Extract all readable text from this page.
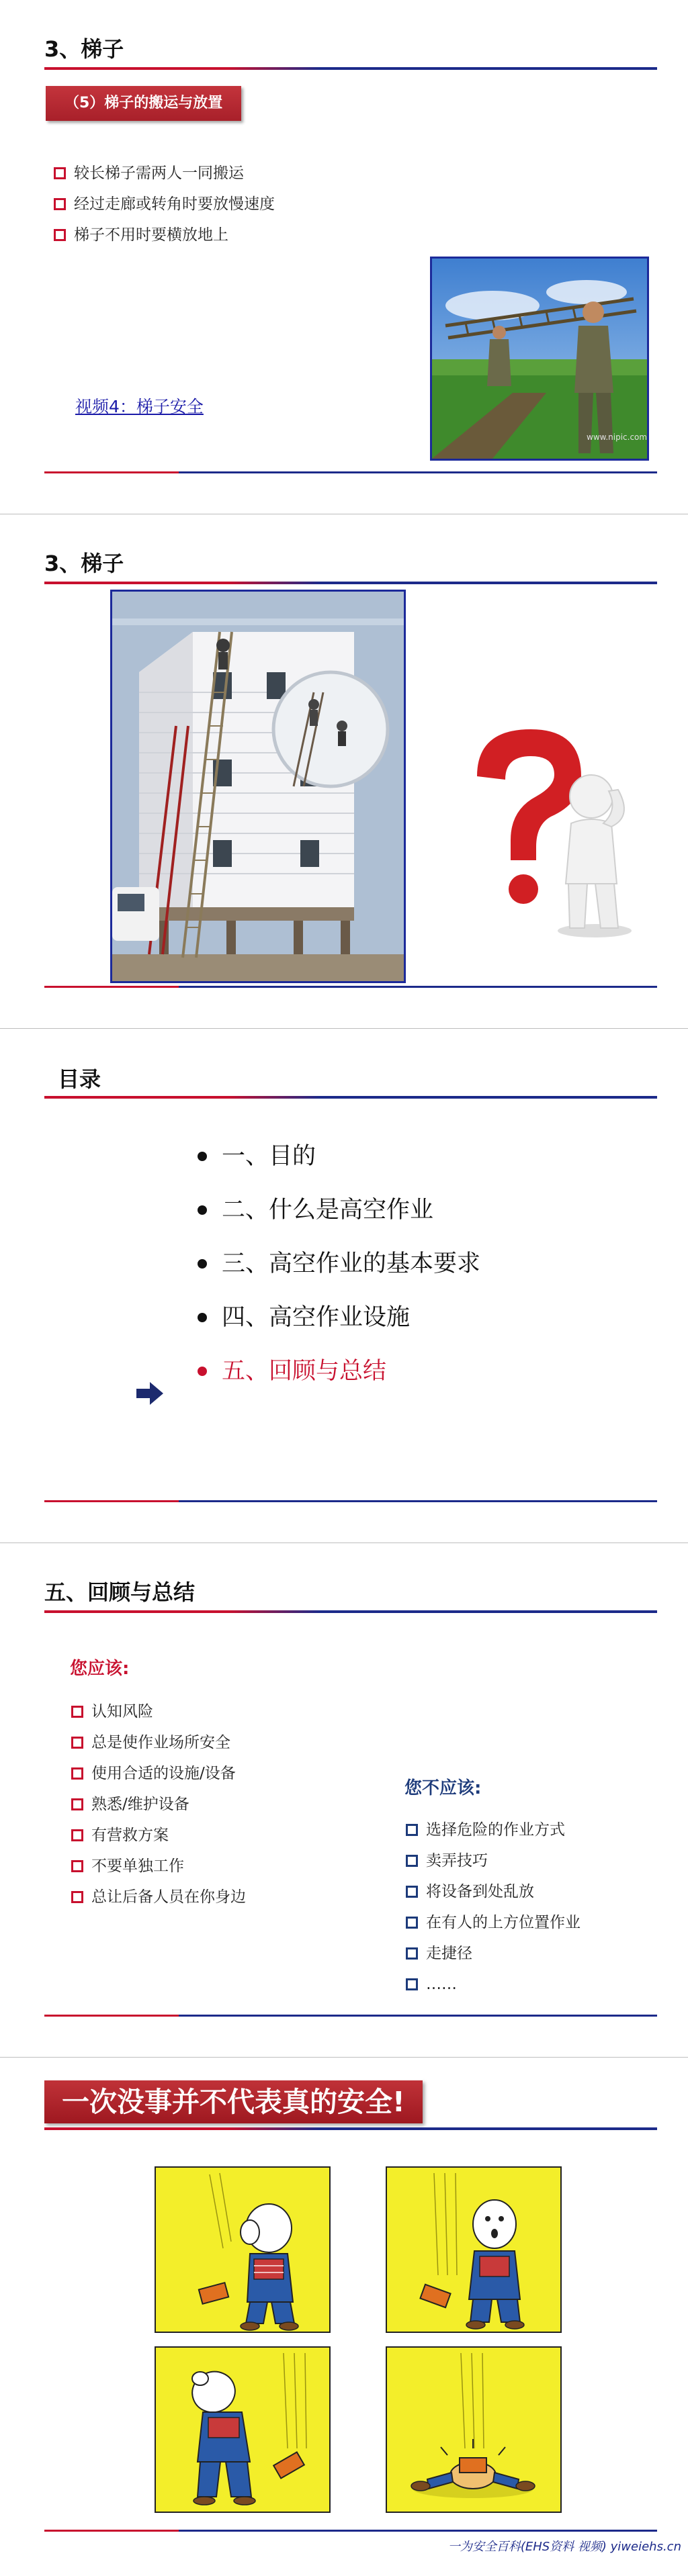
3、梯子
（5）梯子的搬运与放置
较长梯子需两人一同搬运
经过走廊或转角时要放慢速度
梯子不用时要横放地上
视频4：梯子安全
www.nipic.com
3、梯子
目录
一、目的
二、什么是高空作业
三、高空作业的基本要求
四、高空作业设施
五、回顾与总结
五、回顾与总结
您应该:
认知风险
总是使作业场所安全
使用合适的设施/设备
熟悉/维护设备
有营救方案
不要单独工作
总让后备人员在你身边
您不应该:
选择危险的作业方式
卖弄技巧
将设备到处乱放
在有人的上方位置作业
走捷径
……
一次没事并不代表真的安全!
一为安全百科(EHS资料 视频) yiweiehs.cn
